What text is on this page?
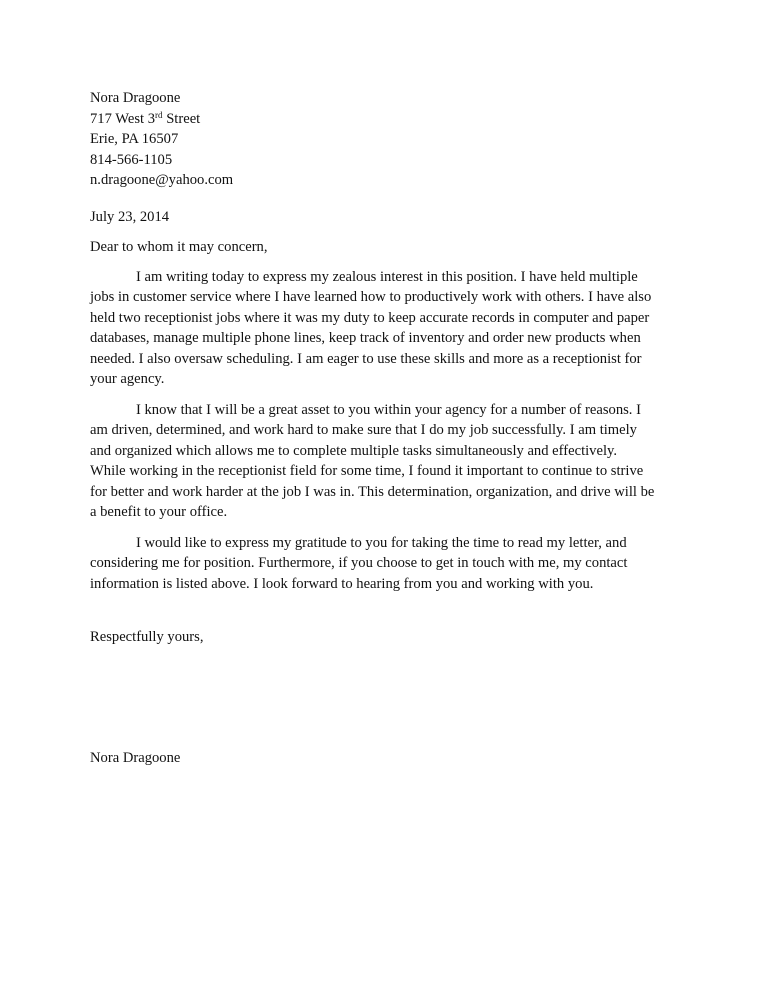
Nora Dragoone
717 West 3rd Street
Erie, PA 16507
814-566-1105
n.dragoone@yahoo.com
July 23, 2014
Dear to whom it may concern,
I am writing today to express my zealous interest in this position. I have held multiple
jobs in customer service where I have learned how to productively work with others. I have also
held two receptionist jobs where it was my duty to keep accurate records in computer and paper
databases, manage multiple phone lines, keep track of inventory and order new products when
needed. I also oversaw scheduling. I am eager to use these skills and more as a receptionist for
your agency.
I know that I will be a great asset to you within your agency for a number of reasons. I
am driven, determined, and work hard to make sure that I do my job successfully. I am timely
and organized which allows me to complete multiple tasks simultaneously and effectively.
While working in the receptionist field for some time, I found it important to continue to strive
for better and work harder at the job I was in. This determination, organization, and drive will be
a benefit to your office.
I would like to express my gratitude to you for taking the time to read my letter, and
considering me for position. Furthermore, if you choose to get in touch with me, my contact
information is listed above. I look forward to hearing from you and working with you.
Respectfully yours,
Nora Dragoone
